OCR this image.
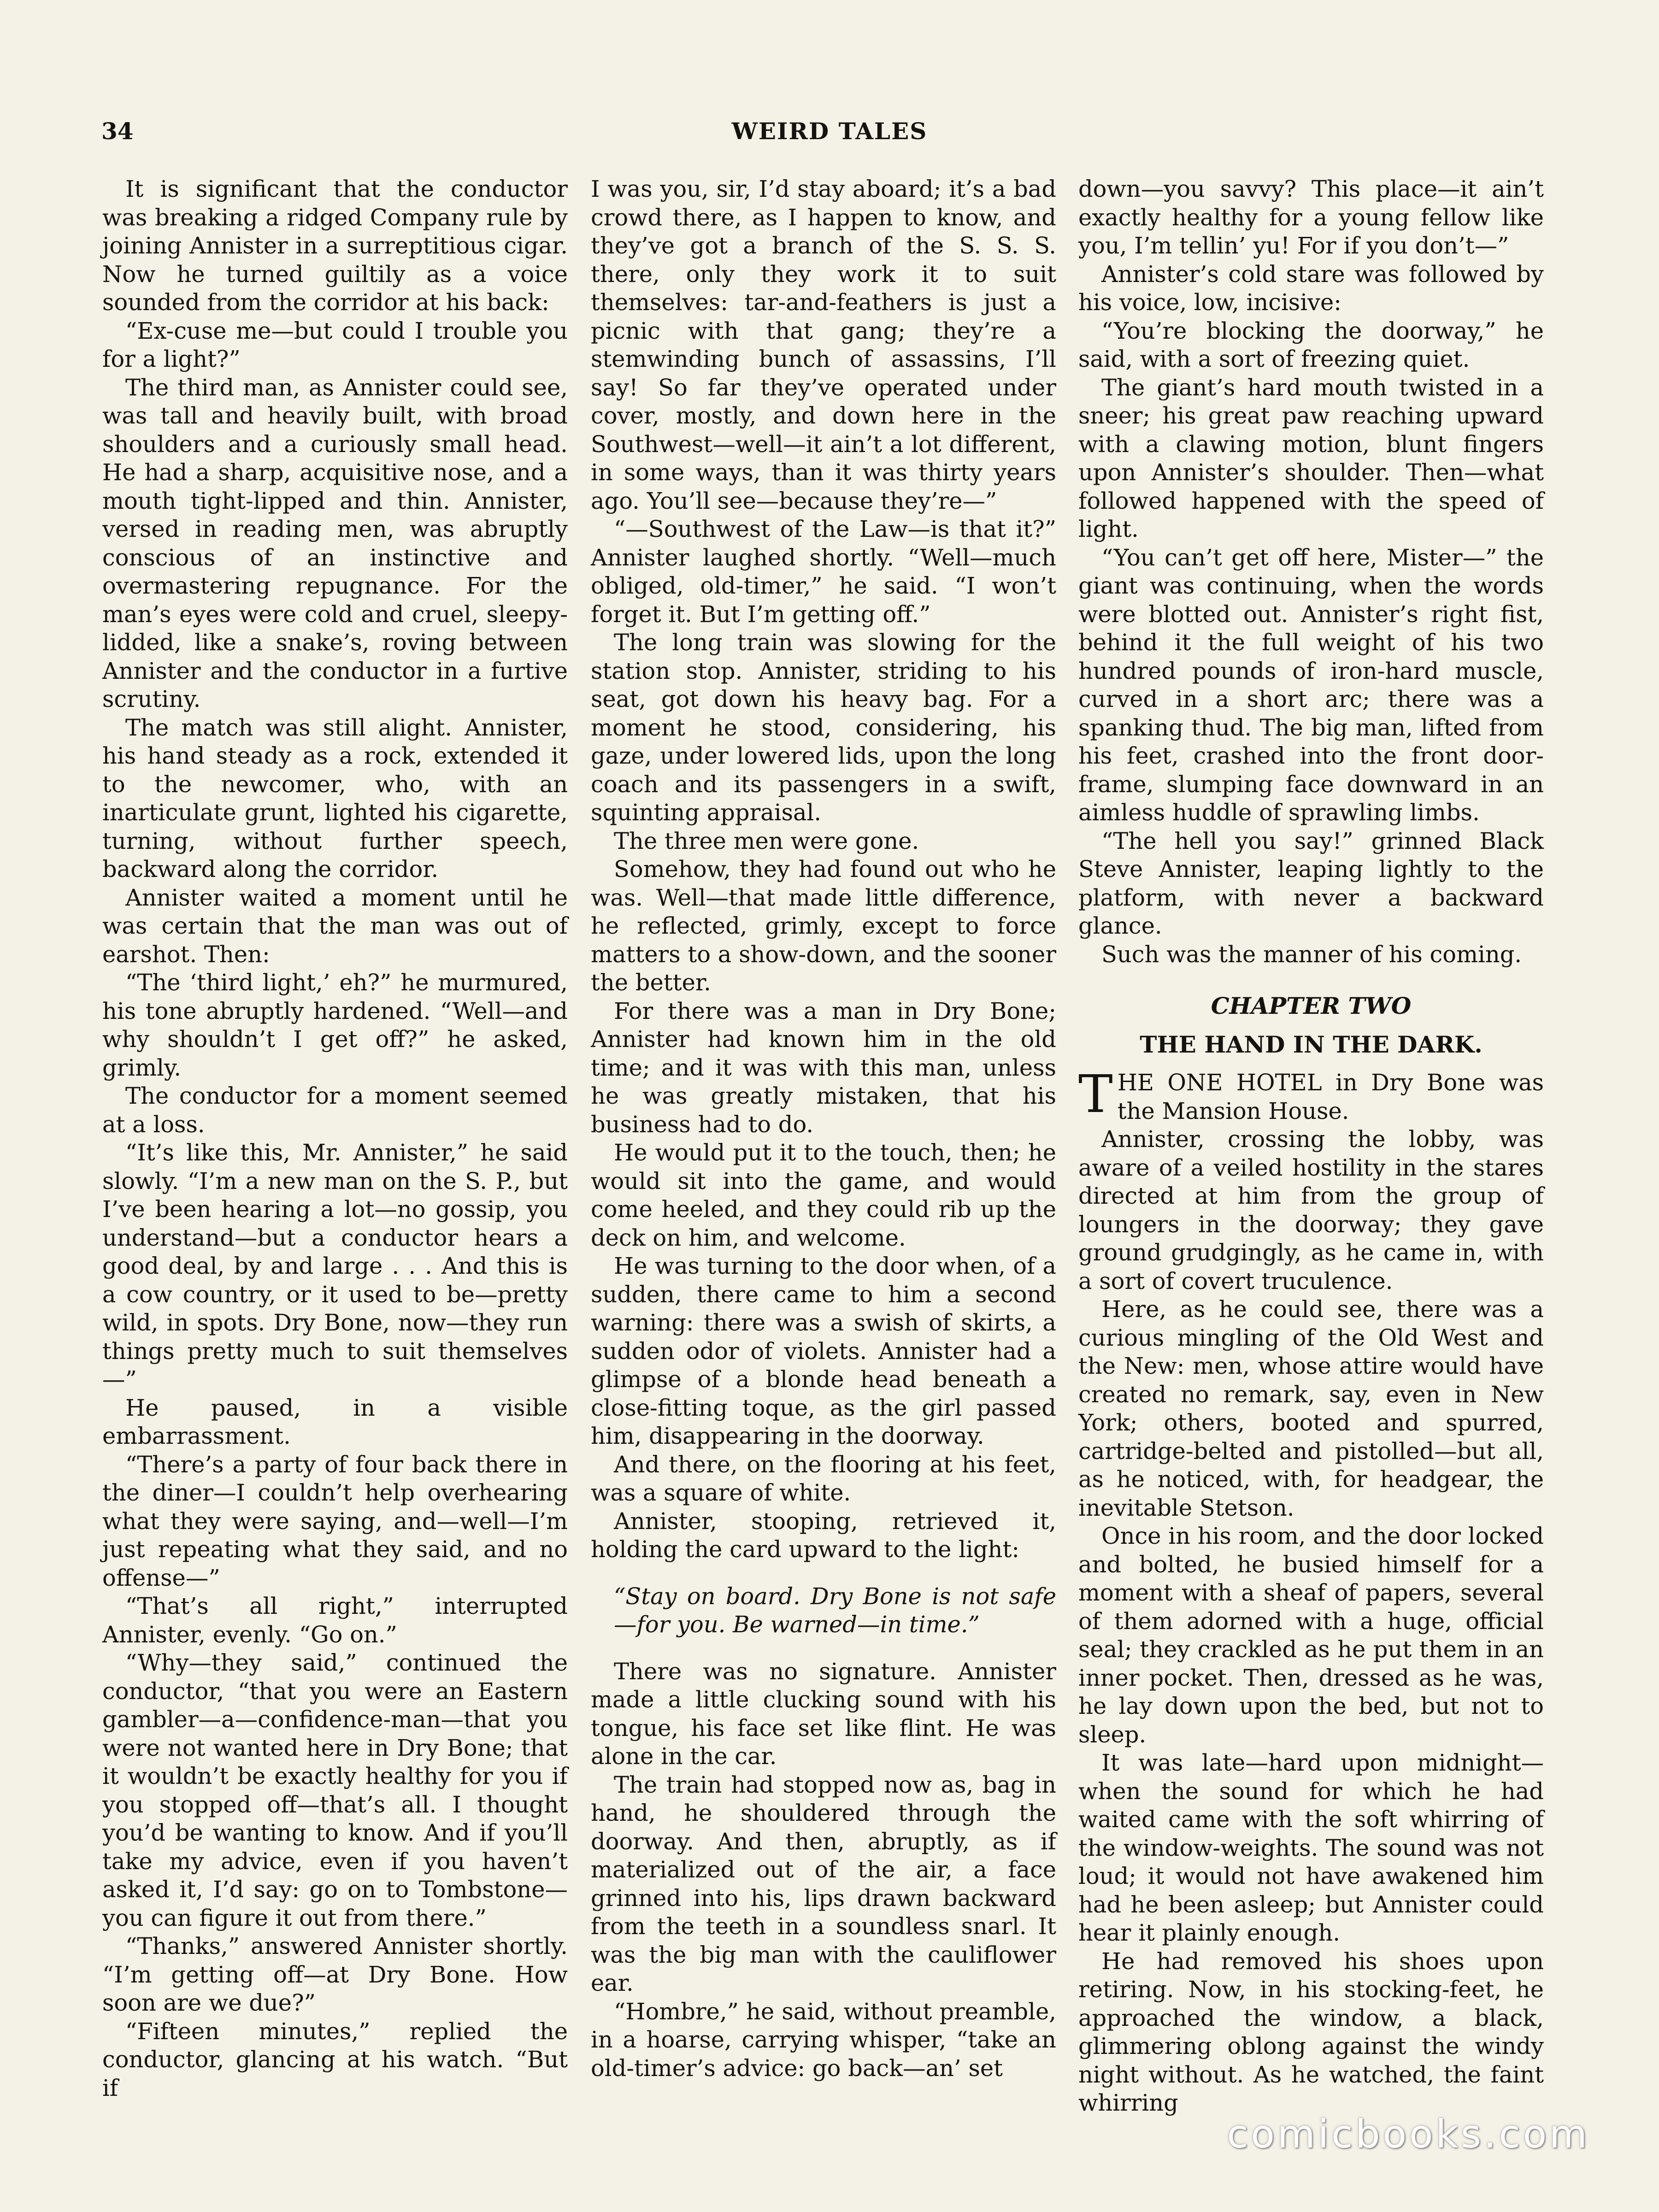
34	WEIRD TALES

It is significant that the conductor was breaking a ridged Company rule by joining Annister in a surreptitious cigar. Now he turned guiltily as a voice sounded from the corridor at his back:

“Ex-cuse me—but could I trouble you for a light?”

The third man, as Annister could see, was tall and heavily built, with broad shoulders and a curiously small head. He had a sharp, acquisitive nose, and a mouth tight-lipped and thin. Annister, versed in reading men, was abruptly conscious of an instinctive and overmastering repugnance. For the man’s eyes were cold and cruel, sleepy-lidded, like a snake’s, roving between Annister and the conductor in a furtive scrutiny.

The match was still alight. Annister, his hand steady as a rock, extended it to the newcomer, who, with an inarticulate grunt, lighted his cigarette, turning, without further speech, backward along the corridor.

Annister waited a moment until he was certain that the man was out of earshot. Then:

“The ‘third light,’ eh?” he murmured, his tone abruptly hardened. “Well—and why shouldn’t I get off?” he asked, grimly.

The conductor for a moment seemed at a loss.

“It’s like this, Mr. Annister,” he said slowly. “I’m a new man on the S. P., but I’ve been hearing a lot—no gossip, you understand—but a conductor hears a good deal, by and large . . . And this is a cow country, or it used to be—pretty wild, in spots. Dry Bone, now—they run things pretty much to suit themselves—”

He paused, in a visible embarrassment.

“There’s a party of four back there in the diner—I couldn’t help overhearing what they were saying, and—well—I’m just repeating what they said, and no offense—”

“That’s all right,” interrupted Annister, evenly. “Go on.”

“Why—they said,” continued the conductor, “that you were an Eastern gambler—a—confidence-man—that you were not wanted here in Dry Bone; that it wouldn’t be exactly healthy for you if you stopped off—that’s all. I thought you’d be wanting to know. And if you’ll take my advice, even if you haven’t asked it, I’d say: go on to Tombstone—you can figure it out from there.”

“Thanks,” answered Annister shortly. “I’m getting off—at Dry Bone. How soon are we due?”

“Fifteen minutes,” replied the conductor, glancing at his watch. “But if

I was you, sir, I’d stay aboard; it’s a bad crowd there, as I happen to know, and they’ve got a branch of the S. S. S. there, only they work it to suit themselves: tar-and-feathers is just a picnic with that gang; they’re a stemwinding bunch of assassins, I’ll say! So far they’ve operated under cover, mostly, and down here in the Southwest—well—it ain’t a lot different, in some ways, than it was thirty years ago. You’ll see—because they’re—”

“—Southwest of the Law—is that it?” Annister laughed shortly. “Well—much obliged, old-timer,” he said. “I won’t forget it. But I’m getting off.”

The long train was slowing for the station stop. Annister, striding to his seat, got down his heavy bag. For a moment he stood, considering, his gaze, under lowered lids, upon the long coach and its passengers in a swift, squinting appraisal.

The three men were gone.

Somehow, they had found out who he was. Well—that made little difference, he reflected, grimly, except to force matters to a show-down, and the sooner the better.

For there was a man in Dry Bone; Annister had known him in the old time; and it was with this man, unless he was greatly mistaken, that his business had to do.

He would put it to the touch, then; he would sit into the game, and would come heeled, and they could rib up the deck on him, and welcome.

He was turning to the door when, of a sudden, there came to him a second warning: there was a swish of skirts, a sudden odor of violets. Annister had a glimpse of a blonde head beneath a close-fitting toque, as the girl passed him, disappearing in the doorway.

And there, on the flooring at his feet, was a square of white.

Annister, stooping, retrieved it, holding the card upward to the light:

“Stay on board. Dry Bone is not safe—for you. Be warned—in time.”

There was no signature. Annister made a little clucking sound with his tongue, his face set like flint. He was alone in the car.

The train had stopped now as, bag in hand, he shouldered through the doorway. And then, abruptly, as if materialized out of the air, a face grinned into his, lips drawn backward from the teeth in a soundless snarl. It was the big man with the cauliflower ear.

“Hombre,” he said, without preamble, in a hoarse, carrying whisper, “take an old-timer’s advice: go back—an’ set

down—you savvy? This place—it ain’t exactly healthy for a young fellow like you, I’m tellin’ yu! For if you don’t—”

Annister’s cold stare was followed by his voice, low, incisive:

“You’re blocking the doorway,” he said, with a sort of freezing quiet.

The giant’s hard mouth twisted in a sneer; his great paw reaching upward with a clawing motion, blunt fingers upon Annister’s shoulder. Then—what followed happened with the speed of light.

“You can’t get off here, Mister—” the giant was continuing, when the words were blotted out. Annister’s right fist, behind it the full weight of his two hundred pounds of iron-hard muscle, curved in a short arc; there was a spanking thud. The big man, lifted from his feet, crashed into the front door-frame, slumping face downward in an aimless huddle of sprawling limbs.

“The hell you say!” grinned Black Steve Annister, leaping lightly to the platform, with never a backward glance.

Such was the manner of his coming.

CHAPTER TWO
THE HAND IN THE DARK.

THE ONE HOTEL in Dry Bone was the Mansion House.

Annister, crossing the lobby, was aware of a veiled hostility in the stares directed at him from the group of loungers in the doorway; they gave ground grudgingly, as he came in, with a sort of covert truculence.

Here, as he could see, there was a curious mingling of the Old West and the New: men, whose attire would have created no remark, say, even in New York; others, booted and spurred, cartridge-belted and pistolled—but all, as he noticed, with, for headgear, the inevitable Stetson.

Once in his room, and the door locked and bolted, he busied himself for a moment with a sheaf of papers, several of them adorned with a huge, official seal; they crackled as he put them in an inner pocket. Then, dressed as he was, he lay down upon the bed, but not to sleep.

It was late—hard upon midnight—when the sound for which he had waited came with the soft whirring of the window-weights. The sound was not loud; it would not have awakened him had he been asleep; but Annister could hear it plainly enough.

He had removed his shoes upon retiring. Now, in his stocking-feet, he approached the window, a black, glimmering oblong against the windy night without. As he watched, the faint whirring

comicbooks.com
